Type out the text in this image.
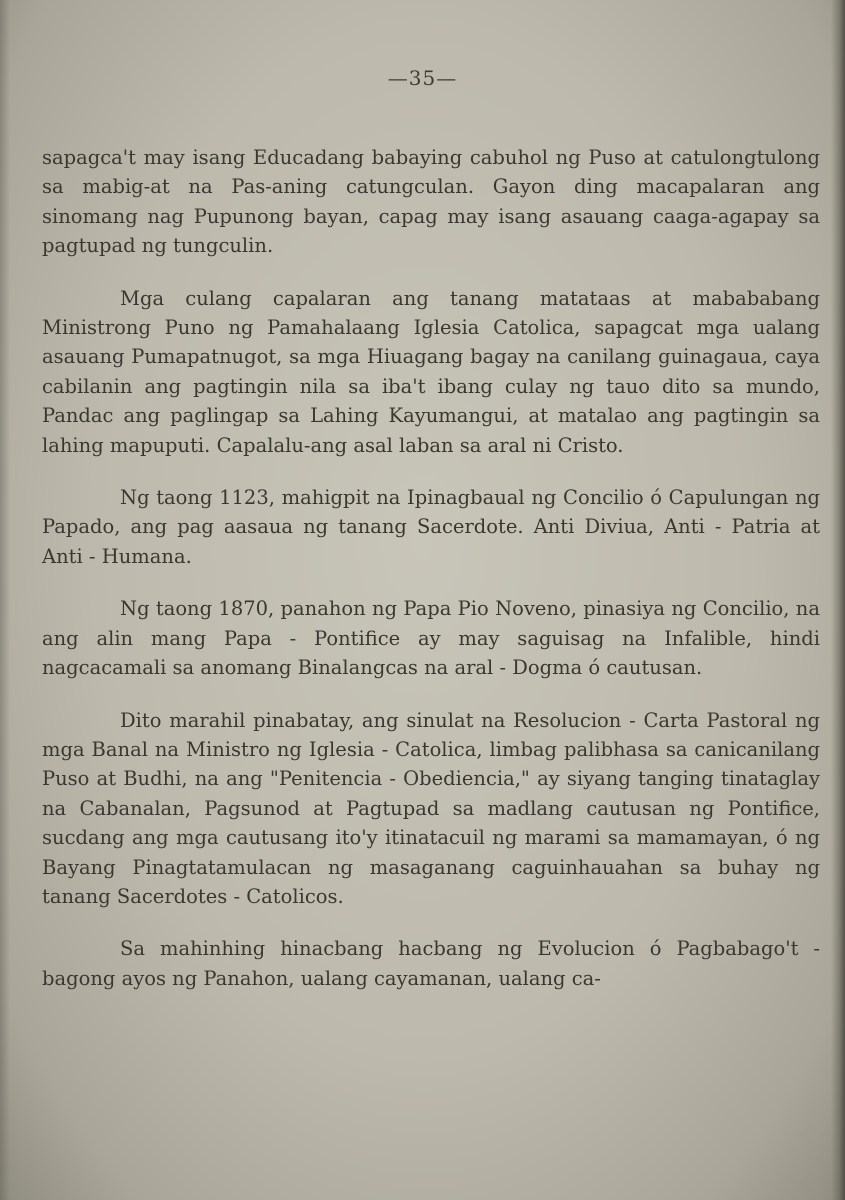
—35—

sapagca't may isang Educadang babaying cabuhol ng Puso at catulongtulong sa mabig-at na Pas-aning catungculan. Gayon ding macapalaran ang sinomang nag Pupunong bayan, capag may isang asauang caaga-agapay sa pagtupad ng tungculin.

Mga culang capalaran ang tanang matataas at mabababang Ministrong Puno ng Pamahalaang Iglesia Catolica, sapagcat mga ualang asauang Pumapatnugot, sa mga Hiuagang bagay na canilang guinagaua, caya cabilanin ang pagtingin nila sa iba't ibang culay ng tauo dito sa mundo, Pandac ang paglingap sa Lahing Kayumangui, at matalao ang pagtingin sa lahing mapuputi. Capalalu-ang asal laban sa aral ni Cristo.

Ng taong 1123, mahigpit na Ipinagbaual ng Concilio ó Capulungan ng Papado, ang pag aasaua ng tanang Sacerdote. Anti Diviua, Anti - Patria at Anti - Humana.

Ng taong 1870, panahon ng Papa Pio Noveno, pinasiya ng Concilio, na ang alin mang Papa - Pontifice ay may saguisag na Infalible, hindi nagcacamali sa anomang Binalangcas na aral - Dogma ó cautusan.

Dito marahil pinabatay, ang sinulat na Resolucion - Carta Pastoral ng mga Banal na Ministro ng Iglesia - Catolica, limbag palibhasa sa canicanilang Puso at Budhi, na ang "Penitencia - Obediencia," ay siyang tanging tinataglay na Cabanalan, Pagsunod at Pagtupad sa madlang cautusan ng Pontifice, sucdang ang mga cautusang ito'y itinatacuil ng marami sa mamamayan, ó ng Bayang Pinagtatamulacan ng masaganang caguinhauahan sa buhay ng tanang Sacerdotes - Catolicos.

Sa mahinhing hinacbang hacbang ng Evolucion ó Pagbabago't - bagong ayos ng Panahon, ualang cayamanan, ualang ca-
